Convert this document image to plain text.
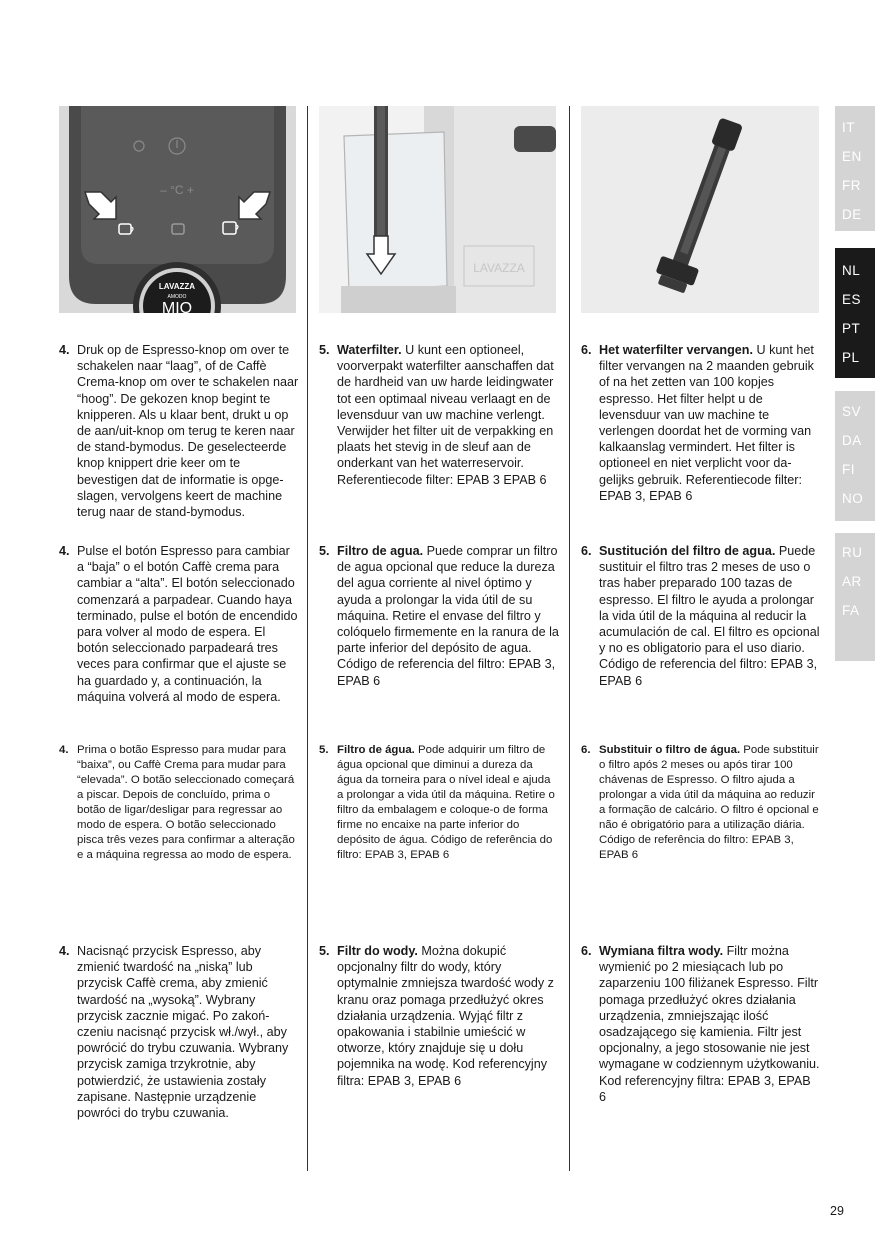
– °C +
LAVAZZA
AMODO
MIO
LAVAZZA
4. Druk op de Espresso-knop om over te schakelen naar “laag”, of de Caffè Crema-knop om over te schakelen naar “hoog”. De gekozen knop begint te knipperen. Als u klaar bent, drukt u op de aan/uit-knop om terug te keren naar de stand-bymodus. De geselecteerde knop knippert drie keer om te bevestigen dat de informatie is opgeslagen, vervolgens keert de machine terug naar de stand-bymodus.
4. Pulse el botón Espresso para cambiar a “baja” o el botón Caffè crema para cambiar a “alta”. El botón seleccionado comenzará a parpadear. Cuando haya terminado, pulse el botón de encendido para volver al modo de espera. El botón seleccionado parpadeará tres veces para confirmar que el ajuste se ha guardado y, a continuación, la máquina volverá al modo de espera.
4. Prima o botão Espresso para mudar para “baixa”, ou Caffè Crema para mudar para “elevada”. O botão seleccionado começará a piscar. Depois de concluído, prima o botão de ligar/desligar para regressar ao modo de espera. O botão seleccionado pisca três vezes para confirmar a alteração e a máquina regressa ao modo de espera.
4. Nacisnąć przycisk Espresso, aby zmienić twardość na „niską” lub przycisk Caffè crema, aby zmienić twardość na „wysoką”. Wybrany przycisk zacznie migać. Po zakończeniu nacisnąć przycisk wł./wył., aby powrócić do trybu czuwania. Wybrany przycisk zamiga trzykrotnie, aby potwierdzić, że ustawienia zostały zapisane. Następnie urządzenie powróci do trybu czuwania.
5. Waterfilter. U kunt een optioneel, voorverpakt waterfilter aanschaffen dat de hardheid van uw harde leidingwater tot een optimaal niveau verlaagt en de levensduur van uw machine verlengt. Verwijder het filter uit de verpakking en plaats het stevig in de sleuf aan de onderkant van het waterreservoir. Referentiecode filter: EPAB 3 EPAB 6
5. Filtro de agua. Puede comprar un filtro de agua opcional que reduce la dureza del agua corriente al nivel óptimo y ayuda a prolongar la vida útil de su máquina. Retire el envase del filtro y colóquelo firmemente en la ranura de la parte inferior del depósito de agua. Código de referencia del filtro: EPAB 3, EPAB 6
5. Filtro de água. Pode adquirir um filtro de água opcional que diminui a dureza da água da torneira para o nível ideal e ajuda a prolongar a vida útil da máquina. Retire o filtro da embalagem e coloque-o de forma firme no encaixe na parte inferior do depósito de água. Código de referência do filtro: EPAB 3, EPAB 6
5. Filtr do wody. Można dokupić opcjonalny filtr do wody, który optymalnie zmniejsza twardość wody z kranu oraz pomaga przedłużyć okres działania urządzenia. Wyjąć filtr z opakowania i stabilnie umieścić w otworze, który znajduje się u dołu pojemnika na wodę. Kod referencyjny filtra: EPAB 3, EPAB 6
6. Het waterfilter vervangen. U kunt het filter vervangen na 2 maanden gebruik of na het zetten van 100 kopjes espresso. Het filter helpt u de levensduur van uw machine te verlengen doordat het de vorming van kalkaanslag vermindert. Het filter is optioneel en niet verplicht voor dagelijks gebruik. Referentiecode filter: EPAB 3, EPAB 6
6. Sustitución del filtro de agua. Puede sustituir el filtro tras 2 meses de uso o tras haber preparado 100 tazas de espresso. El filtro le ayuda a prolongar la vida útil de la máquina al reducir la acumulación de cal. El filtro es opcional y no es obligatorio para el uso diario. Código de referencia del filtro: EPAB 3, EPAB 6
6. Substituir o filtro de água. Pode substituir o filtro após 2 meses ou após tirar 100 chávenas de Espresso. O filtro ajuda a prolongar a vida útil da máquina ao reduzir a formação de calcário. O filtro é opcional e não é obrigatório para a utilização diária. Código de referência do filtro: EPAB 3, EPAB 6
6. Wymiana filtra wody. Filtr można wymienić po 2 miesiącach lub po zaparzeniu 100 filiżanek Espresso. Filtr pomaga przedłużyć okres działania urządzenia, zmniejszając ilość osadzającego się kamienia. Filtr jest opcjonalny, a jego stosowanie nie jest wymagane w codziennym użytkowaniu. Kod referencyjny filtra: EPAB 3, EPAB 6
IT
EN
FR
DE
NL
ES
PT
PL
SV
DA
FI
NO
RU
AR
FA
29
